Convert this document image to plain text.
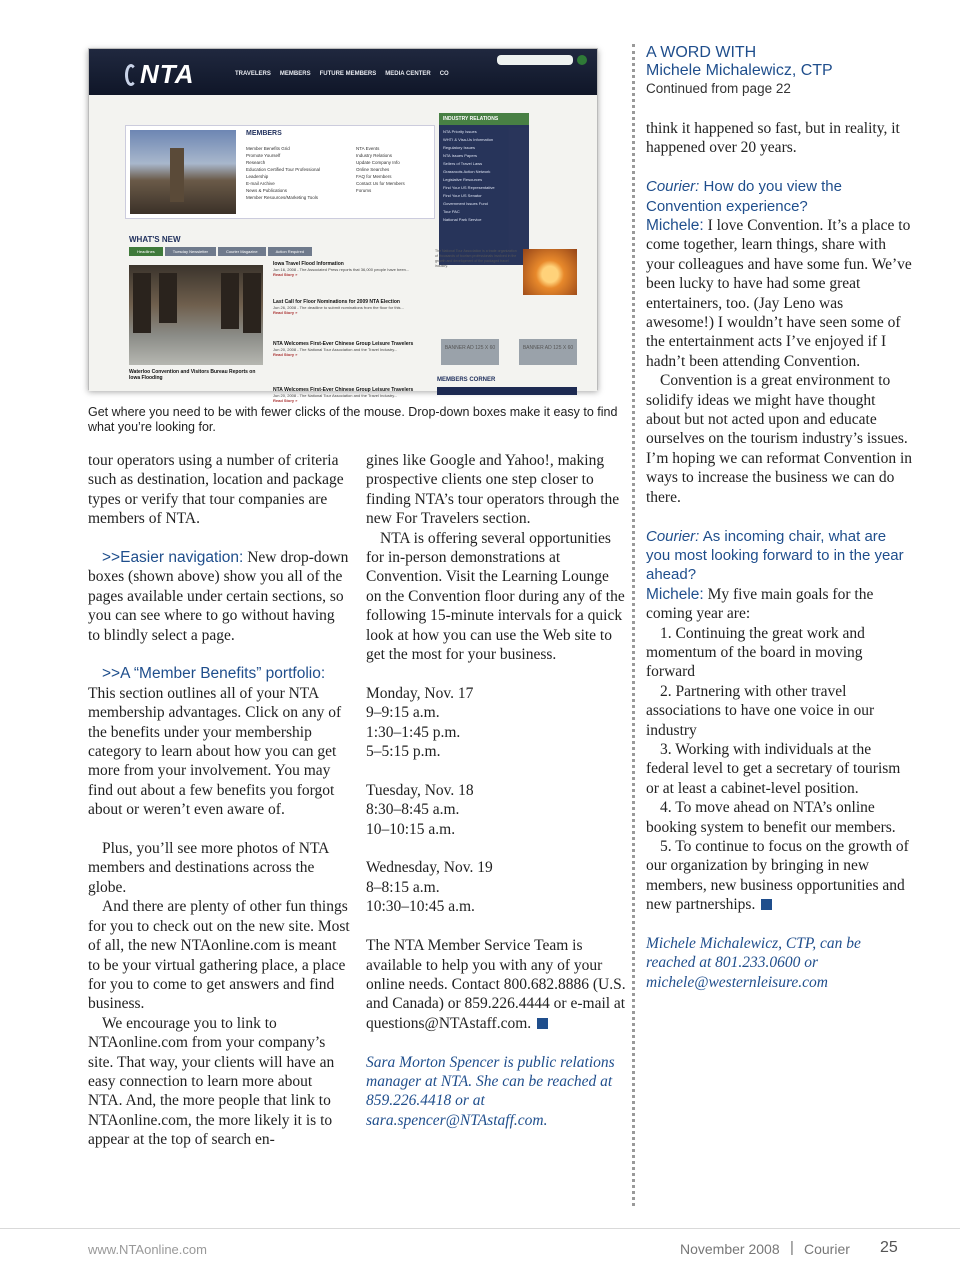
NTA	TRAVELERS MEMBERS FUTURE MEMBERS MEDIA CENTER CO
MEMBERS
Member Benefits Grid
Promote Yourself
Research
Education Certified Tour Professional
Leadership
E-mail Archive
News & Publications
Member Resources/Marketing Tools
NTA Events
Industry Relations
Update Company Info
Online Searches
FAQ for Members
Contact Us for Members
Forums
INDUSTRY RELATIONS
NTA Priority Issues
WHTI & Visa-Us Information
Regulatory Issues
NTA Issues Papers
Sellers of Travel Laws
Grassroots Action Network
Legislative Resources
Find Your US Representative
Find Your US Senator
Government Issues Fund
Tour PAC
National Park Service
WHAT'S NEW
Headlines	Tuesday Newsletter	Courier Magazine	Action Required
Waterloo Convention and Visitors Bureau Reports on Iowa Flooding
Iowa Travel Flood Information
Jun 16, 2008 - The Associated Press reports that 36,000 people have been...
Read Story »
Last Call for Floor Nominations for 2009 NTA Election
Jun 26, 2008 - The deadline to submit nominations from the floor for this...
Read Story »
NTA Welcomes First-Ever Chinese Group Leisure Travelers
Jun 20, 2008 - The National Tour Association and the Travel Industry...
Read Story »
NTA Welcomes First-Ever Chinese Group Leisure Travelers
Jun 20, 2008 - The National Tour Association and the Travel Industry...
Read Story »
The National Tour Association is a trade organization of thousands of tourism professionals involved in the growth and development of the packaged travel industry.
BANNER AD 125 X 60	BANNER AD 125 X 60
MEMBERS CORNER
Get where you need to be with fewer clicks of the mouse. Drop-down boxes make it easy to find what you’re looking for.

tour operators using a number of criteria such as destination, location and package types or verify that tour companies are members of NTA.

>>Easier navigation: New drop-down boxes (shown above) show you all of the pages available under certain sections, so you can see where to go without having to blindly select a page.

>>A “Member Benefits” portfolio: This section outlines all of your NTA membership advantages. Click on any of the benefits under your membership category to learn about how you can get more from your involvement. You may find out about a few benefits you forgot about or weren’t even aware of.

Plus, you’ll see more photos of NTA members and destinations across the globe.

And there are plenty of other fun things for you to check out on the new site. Most of all, the new NTAonline.com is meant to be your virtual gathering place, a place for you to come to get answers and find business.

We encourage you to link to NTAonline.com from your company’s site. That way, your clients will have an easy connection to learn more about NTA. And, the more people that link to NTAonline.com, the more likely it is to appear at the top of search en-

gines like Google and Yahoo!, making prospective clients one step closer to finding NTA’s tour operators through the new For Travelers section.

NTA is offering several opportunities for in-person demonstrations at Convention. Visit the Learning Lounge on the Convention floor during any of the following 15-minute intervals for a quick look at how you can use the Web site to get the most for your business.

Monday, Nov. 17

9–9:15 a.m.

1:30–1:45 p.m.

5–5:15 p.m.

Tuesday, Nov. 18

8:30–8:45 a.m.

10–10:15 a.m.

Wednesday, Nov. 19

8–8:15 a.m.

10:30–10:45 a.m.

The NTA Member Service Team is available to help you with any of your online needs. Contact 800.682.8886 (U.S. and Canada) or 859.226.4444 or e-mail at questions@NTAstaff.com.

Sara Morton Spencer is public relations manager at NTA. She can be reached at 859.226.4418 or at sara.spencer@NTAstaff.com.

A WORD WITH
Michele Michalewicz, CTP
Continued from page 22

think it happened so fast, but in reality, it happened over 20 years.

Courier: How do you view the Convention experience?

Michele: I love Convention. It’s a place to come together, learn things, share with your colleagues and have some fun. We’ve been lucky to have had some great entertainers, too. (Jay Leno was awesome!) I wouldn’t have seen some of the entertainment acts I’ve enjoyed if I hadn’t been attending Convention.

Convention is a great environment to solidify ideas we might have thought about but not acted upon and educate ourselves on the tourism industry’s issues. I’m hoping we can reformat Convention in ways to increase the business we can do there.

Courier: As incoming chair, what are you most looking forward to in the year ahead?

Michele: My five main goals for the coming year are:

1. Continuing the great work and momentum of the board in moving forward

2. Partnering with other travel associations to have one voice in our industry

3. Working with individuals at the federal level to get a secretary of tourism or at least a cabinet-level position.

4. To move ahead on NTA’s online booking system to benefit our members.

5. To continue to focus on the growth of our organization by bringing in new members, new business opportunities and new partnerships.

Michele Michalewicz, CTP, can be reached at 801.233.0600 or michele@westernleisure.com

www.NTAonline.com	November 2008 | Courier 25
